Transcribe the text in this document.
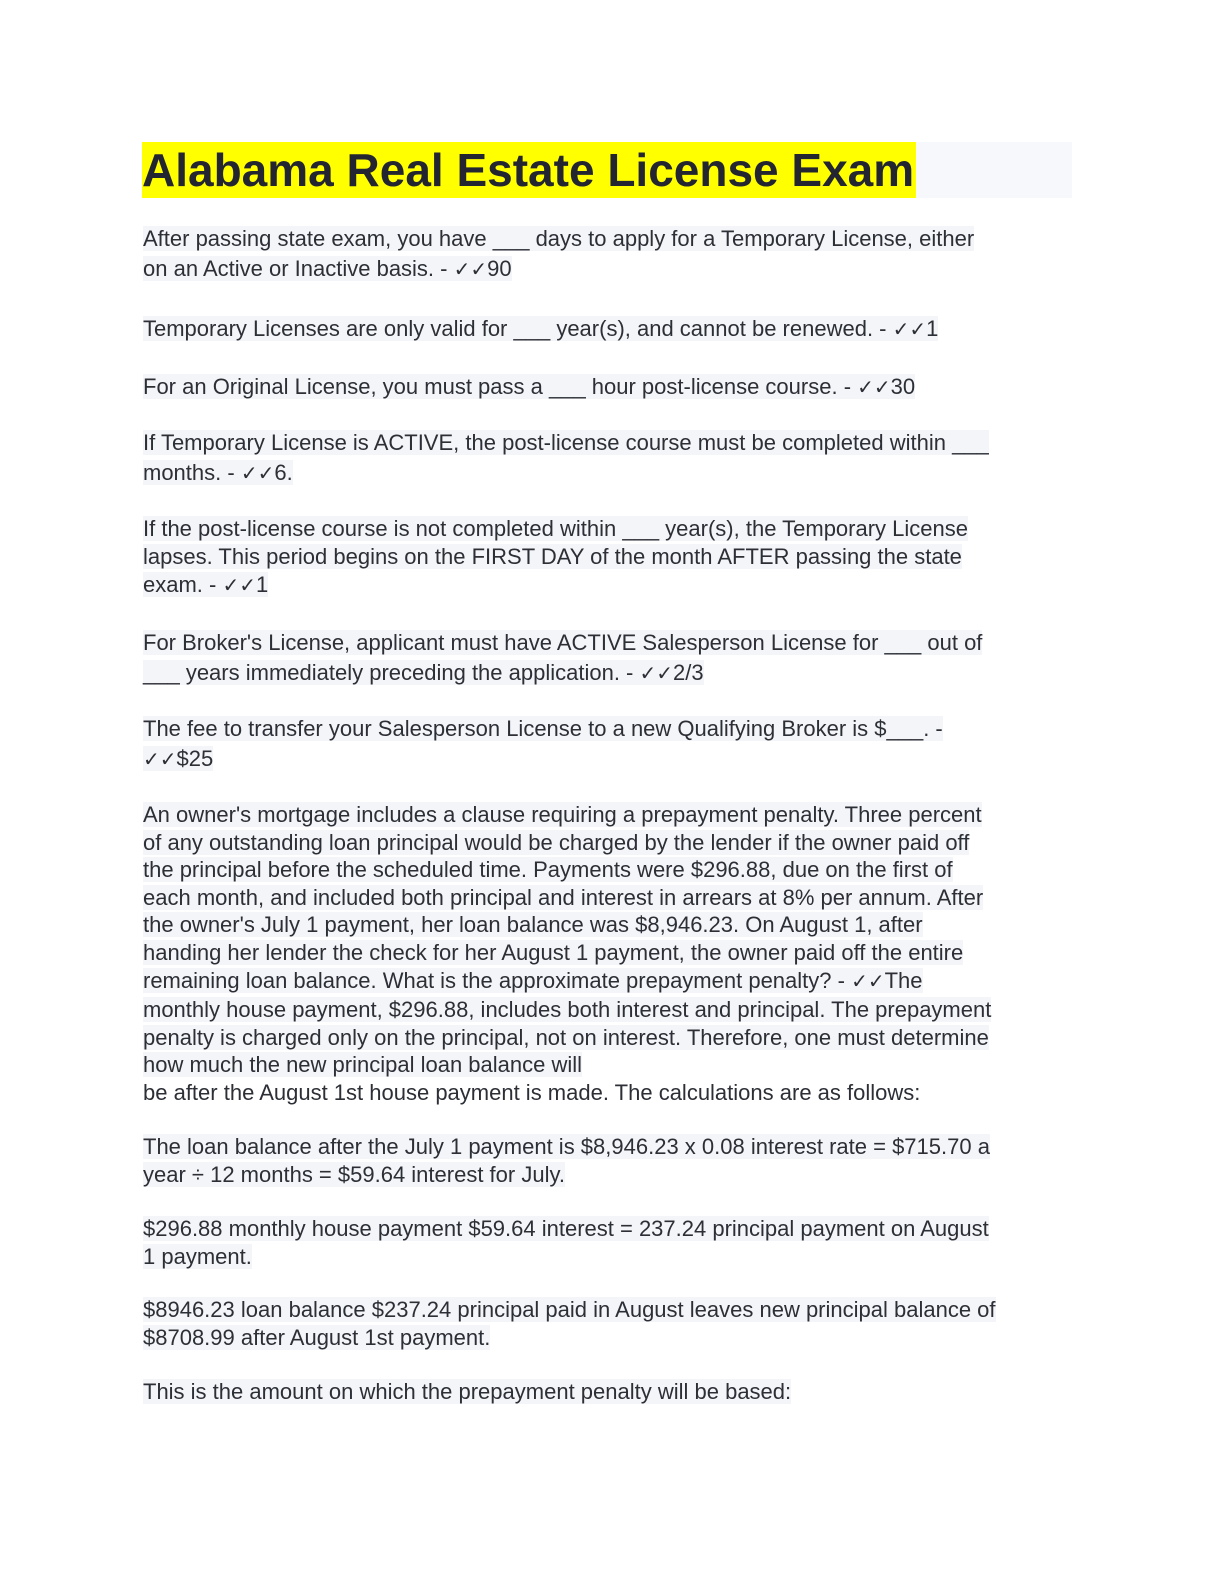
Alabama Real Estate License Exam
After passing state exam, you have ___ days to apply for a Temporary License, either
on an Active or Inactive basis. - ✓✓90
Temporary Licenses are only valid for ___ year(s), and cannot be renewed. - ✓✓1
For an Original License, you must pass a ___ hour post-license course. - ✓✓30
If Temporary License is ACTIVE, the post-license course must be completed within ___
months. - ✓✓6.
If the post-license course is not completed within ___ year(s), the Temporary License
lapses. This period begins on the FIRST DAY of the month AFTER passing the state
exam. - ✓✓1
For Broker's License, applicant must have ACTIVE Salesperson License for ___ out of
___ years immediately preceding the application. - ✓✓2/3
The fee to transfer your Salesperson License to a new Qualifying Broker is $___. -
✓✓$25
An owner's mortgage includes a clause requiring a prepayment penalty. Three percent
of any outstanding loan principal would be charged by the lender if the owner paid off
the principal before the scheduled time. Payments were $296.88, due on the first of
each month, and included both principal and interest in arrears at 8% per annum. After
the owner's July 1 payment, her loan balance was $8,946.23. On August 1, after
handing her lender the check for her August 1 payment, the owner paid off the entire
remaining loan balance. What is the approximate prepayment penalty? - ✓✓The
monthly house payment, $296.88, includes both interest and principal. The prepayment
penalty is charged only on the principal, not on interest. Therefore, one must determine
how much the new principal loan balance will
be after the August 1st house payment is made. The calculations are as follows:
The loan balance after the July 1 payment is $8,946.23 x 0.08 interest rate = $715.70 a
year ÷ 12 months = $59.64 interest for July.
$296.88 monthly house payment $59.64 interest = 237.24 principal payment on August
1 payment.
$8946.23 loan balance $237.24 principal paid in August leaves new principal balance of
$8708.99 after August 1st payment.
This is the amount on which the prepayment penalty will be based:
